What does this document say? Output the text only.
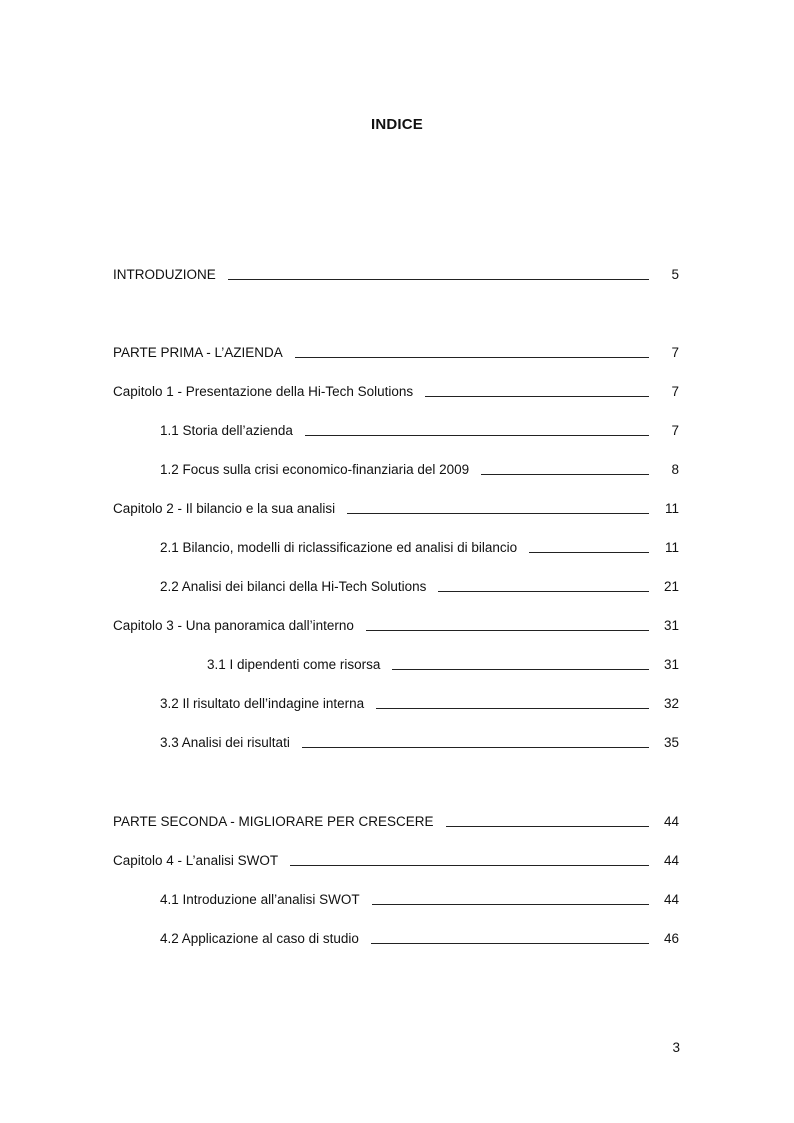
INDICE
INTRODUZIONE	5
PARTE PRIMA - L’AZIENDA	7
Capitolo 1 - Presentazione della Hi-Tech Solutions	7
1.1 Storia dell’azienda	7
1.2 Focus sulla crisi economico-finanziaria del 2009	8
Capitolo 2 - Il bilancio e la sua analisi	11
2.1 Bilancio, modelli di riclassificazione ed analisi di bilancio	11
2.2 Analisi dei bilanci della Hi-Tech Solutions	21
Capitolo 3 - Una panoramica dall’interno	31
3.1 I dipendenti come risorsa	31
3.2 Il risultato dell’indagine interna	32
3.3 Analisi dei risultati	35
PARTE SECONDA - MIGLIORARE PER CRESCERE	44
Capitolo 4 - L’analisi SWOT	44
4.1 Introduzione all’analisi SWOT	44
4.2 Applicazione al caso di studio	46
3
